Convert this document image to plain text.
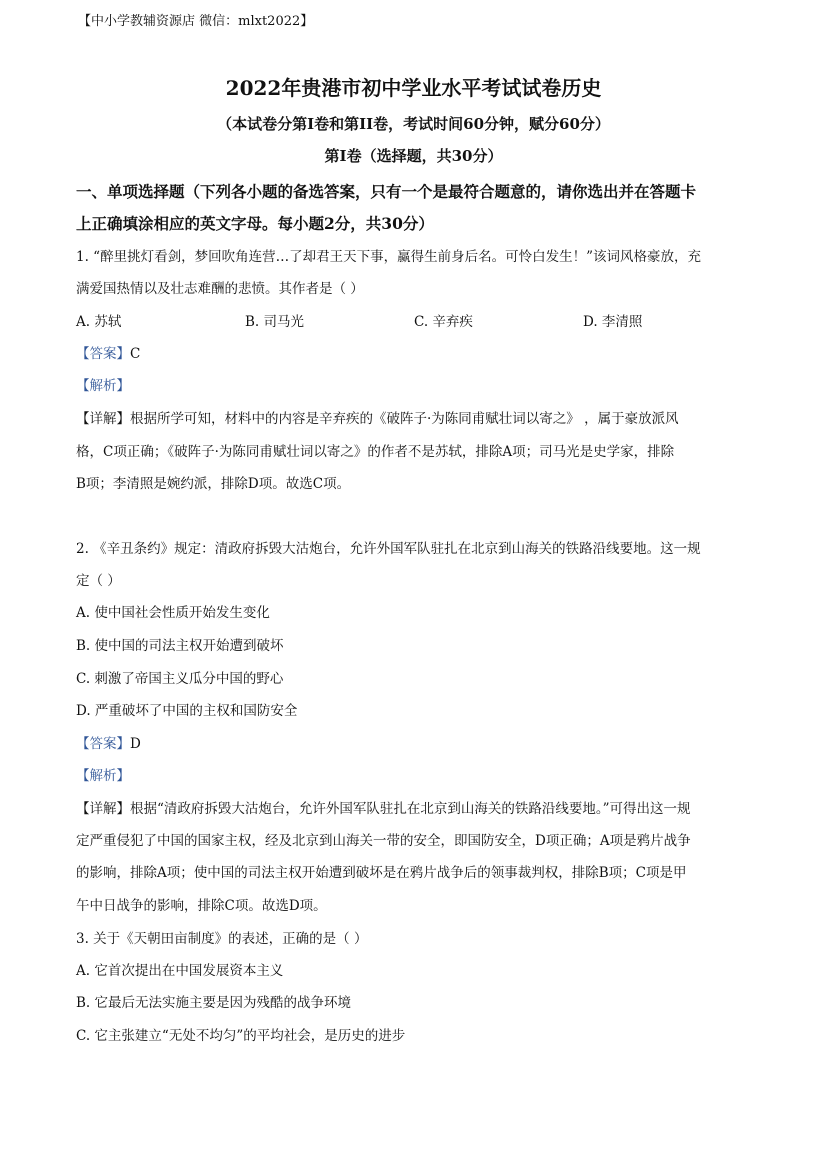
【中小学教辅资源店 微信：mlxt2022】

2022年贵港市初中学业水平考试试卷历史

（本试卷分第I卷和第II卷，考试时间60分钟，赋分60分）

第I卷（选择题，共30分）

一、单项选择题（下列各小题的备选答案，只有一个是最符合题意的，请你选出并在答题卡

上正确填涂相应的英文字母。每小题2分，共30分）

1. “醉里挑灯看剑，梦回吹角连营…了却君王天下事，赢得生前身后名。可怜白发生！”该词风格豪放，充

满爱国热情以及壮志难酬的悲愤。其作者是（ ）

A. 苏轼	B. 司马光	C. 辛弃疾	D. 李清照

【答案】C

【解析】

【详解】根据所学可知，材料中的内容是辛弃疾的《破阵子·为陈同甫赋壮词以寄之》 ，属于豪放派风

格，C项正确；《破阵子·为陈同甫赋壮词以寄之》的作者不是苏轼，排除A项；司马光是史学家，排除

B项；李清照是婉约派，排除D项。故选C项。

2. 《辛丑条约》规定：清政府拆毁大沽炮台，允许外国军队驻扎在北京到山海关的铁路沿线要地。这一规

定（ ）

A. 使中国社会性质开始发生变化

B. 使中国的司法主权开始遭到破坏

C. 刺激了帝国主义瓜分中国的野心

D. 严重破坏了中国的主权和国防安全

【答案】D

【解析】

【详解】根据“清政府拆毁大沽炮台，允许外国军队驻扎在北京到山海关的铁路沿线要地。”可得出这一规

定严重侵犯了中国的国家主权，经及北京到山海关一带的安全，即国防安全，D项正确；A项是鸦片战争

的影响，排除A项；使中国的司法主权开始遭到破坏是在鸦片战争后的领事裁判权，排除B项；C项是甲

午中日战争的影响，排除C项。故选D项。

3. 关于《天朝田亩制度》的表述，正确的是（ ）

A. 它首次提出在中国发展资本主义

B. 它最后无法实施主要是因为残酷的战争环境

C. 它主张建立“无处不均匀”的平均社会，是历史的进步
